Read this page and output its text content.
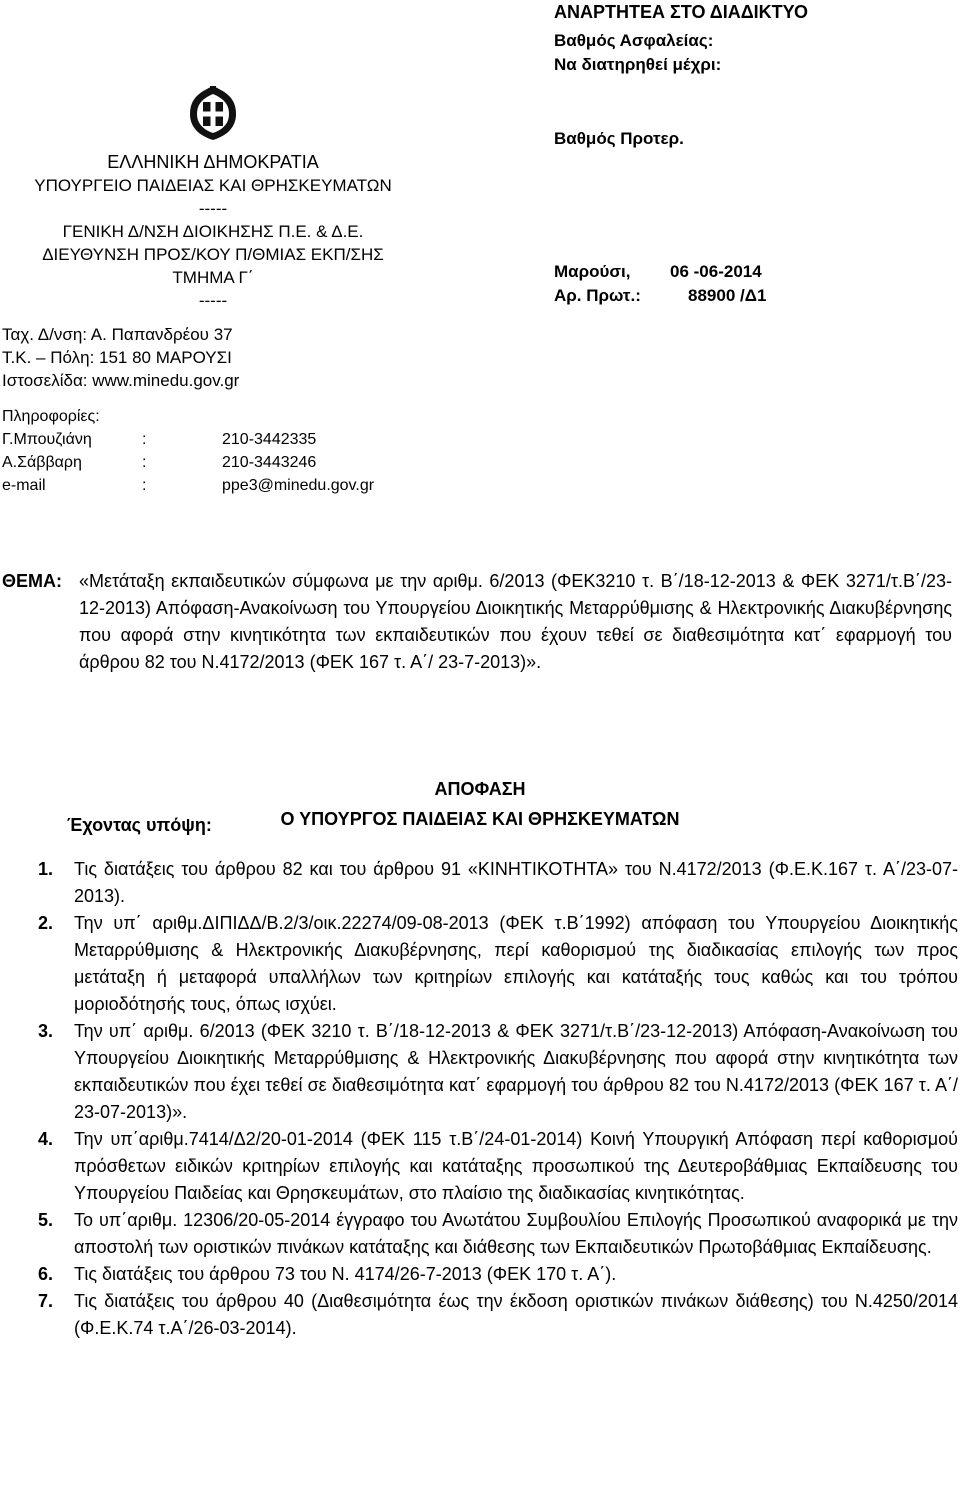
ΕΛΛΗΝΙΚΗ ΔΗΜΟΚΡΑΤΙΑ
ΥΠΟΥΡΓΕΙΟ ΠΑΙΔΕΙΑΣ ΚΑΙ ΘΡΗΣΚΕΥΜΑΤΩΝ
-----
ΓΕΝΙΚΗ Δ/ΝΣΗ ΔΙΟΙΚΗΣΗΣ Π.Ε. & Δ.Ε.
ΔΙΕΥΘΥΝΣΗ ΠΡΟΣ/ΚΟΥ Π/ΘΜΙΑΣ ΕΚΠ/ΣΗΣ
ΤΜΗΜΑ Γ΄
-----
Ταχ. Δ/νση: Α. Παπανδρέου 37
Τ.Κ. – Πόλη: 151 80 ΜΑΡΟΥΣΙ
Ιστοσελίδα: www.minedu.gov.gr
Πληροφορίες:
Γ.Μπουζιάνη	:	210-3442335
Α.Σάββαρη	:	210-3443246
e-mail	:	ppe3@minedu.gov.gr
ΑΝΑΡΤΗΤΕΑ ΣΤΟ ΔΙΑΔΙΚΤΥΟ
Βαθμός Ασφαλείας:
Να διατηρηθεί μέχρι:
Βαθμός Προτερ.
Μαρούσι, 06 -06-2014
Αρ. Πρωτ.:	88900 /Δ1
ΘΕΜΑ: «Μετάταξη εκπαιδευτικών σύμφωνα με την αριθμ. 6/2013 (ΦΕΚ3210 τ. Β΄/18-12-2013 & ΦΕΚ 3271/τ.Β΄/23-12-2013) Απόφαση-Ανακοίνωση του Υπουργείου Διοικητικής Μεταρρύθμισης & Ηλεκτρονικής Διακυβέρνησης που αφορά στην κινητικότητα των εκπαιδευτικών που έχουν τεθεί σε διαθεσιμότητα κατ΄ εφαρμογή του άρθρου 82 του Ν.4172/2013 (ΦΕΚ 167 τ. Α΄/ 23-7-2013)».
ΑΠΟΦΑΣΗ
Ο ΥΠΟΥΡΓΟΣ ΠΑΙΔΕΙΑΣ ΚΑΙ ΘΡΗΣΚΕΥΜΑΤΩΝ
Έχοντας υπόψη:
1. Τις διατάξεις του άρθρου 82 και του άρθρου 91 «ΚΙΝΗΤΙΚΟΤΗΤΑ» του Ν.4172/2013 (Φ.Ε.Κ.167 τ. Α΄/23-07-2013).
2. Την υπ΄ αριθμ.ΔΙΠΙΔΔ/Β.2/3/οικ.22274/09-08-2013 (ΦΕΚ τ.Β΄1992) απόφαση του Υπουργείου Διοικητικής Μεταρρύθμισης & Ηλεκτρονικής Διακυβέρνησης, περί καθορισμού της διαδικασίας επιλογής των προς μετάταξη ή μεταφορά υπαλλήλων των κριτηρίων επιλογής και κατάταξής τους καθώς και του τρόπου μοριοδότησής τους, όπως ισχύει.
3. Την υπ΄ αριθμ. 6/2013 (ΦΕΚ 3210 τ. Β΄/18-12-2013 & ΦΕΚ 3271/τ.Β΄/23-12-2013) Απόφαση-Ανακοίνωση του Υπουργείου Διοικητικής Μεταρρύθμισης & Ηλεκτρονικής Διακυβέρνησης που αφορά στην κινητικότητα των εκπαιδευτικών που έχει τεθεί σε διαθεσιμότητα κατ΄ εφαρμογή του άρθρου 82 του Ν.4172/2013 (ΦΕΚ 167 τ. Α΄/ 23-07-2013)».
4. Την υπ΄αριθμ.7414/Δ2/20-01-2014 (ΦΕΚ 115 τ.Β΄/24-01-2014) Κοινή Υπουργική Απόφαση περί καθορισμού πρόσθετων ειδικών κριτηρίων επιλογής και κατάταξης προσωπικού της Δευτεροβάθμιας Εκπαίδευσης του Υπουργείου Παιδείας και Θρησκευμάτων, στο πλαίσιο της διαδικασίας κινητικότητας.
5. Το υπ΄αριθμ. 12306/20-05-2014 έγγραφο του Ανωτάτου Συμβουλίου Επιλογής Προσωπικού αναφορικά με την αποστολή των οριστικών πινάκων κατάταξης και διάθεσης των Εκπαιδευτικών Πρωτοβάθμιας Εκπαίδευσης.
6. Τις διατάξεις του άρθρου 73 του Ν. 4174/26-7-2013 (ΦΕΚ 170 τ. Α΄).
7. Τις διατάξεις του άρθρου 40 (Διαθεσιμότητα έως την έκδοση οριστικών πινάκων διάθεσης) του Ν.4250/2014 (Φ.Ε.Κ.74 τ.Α΄/26-03-2014).
